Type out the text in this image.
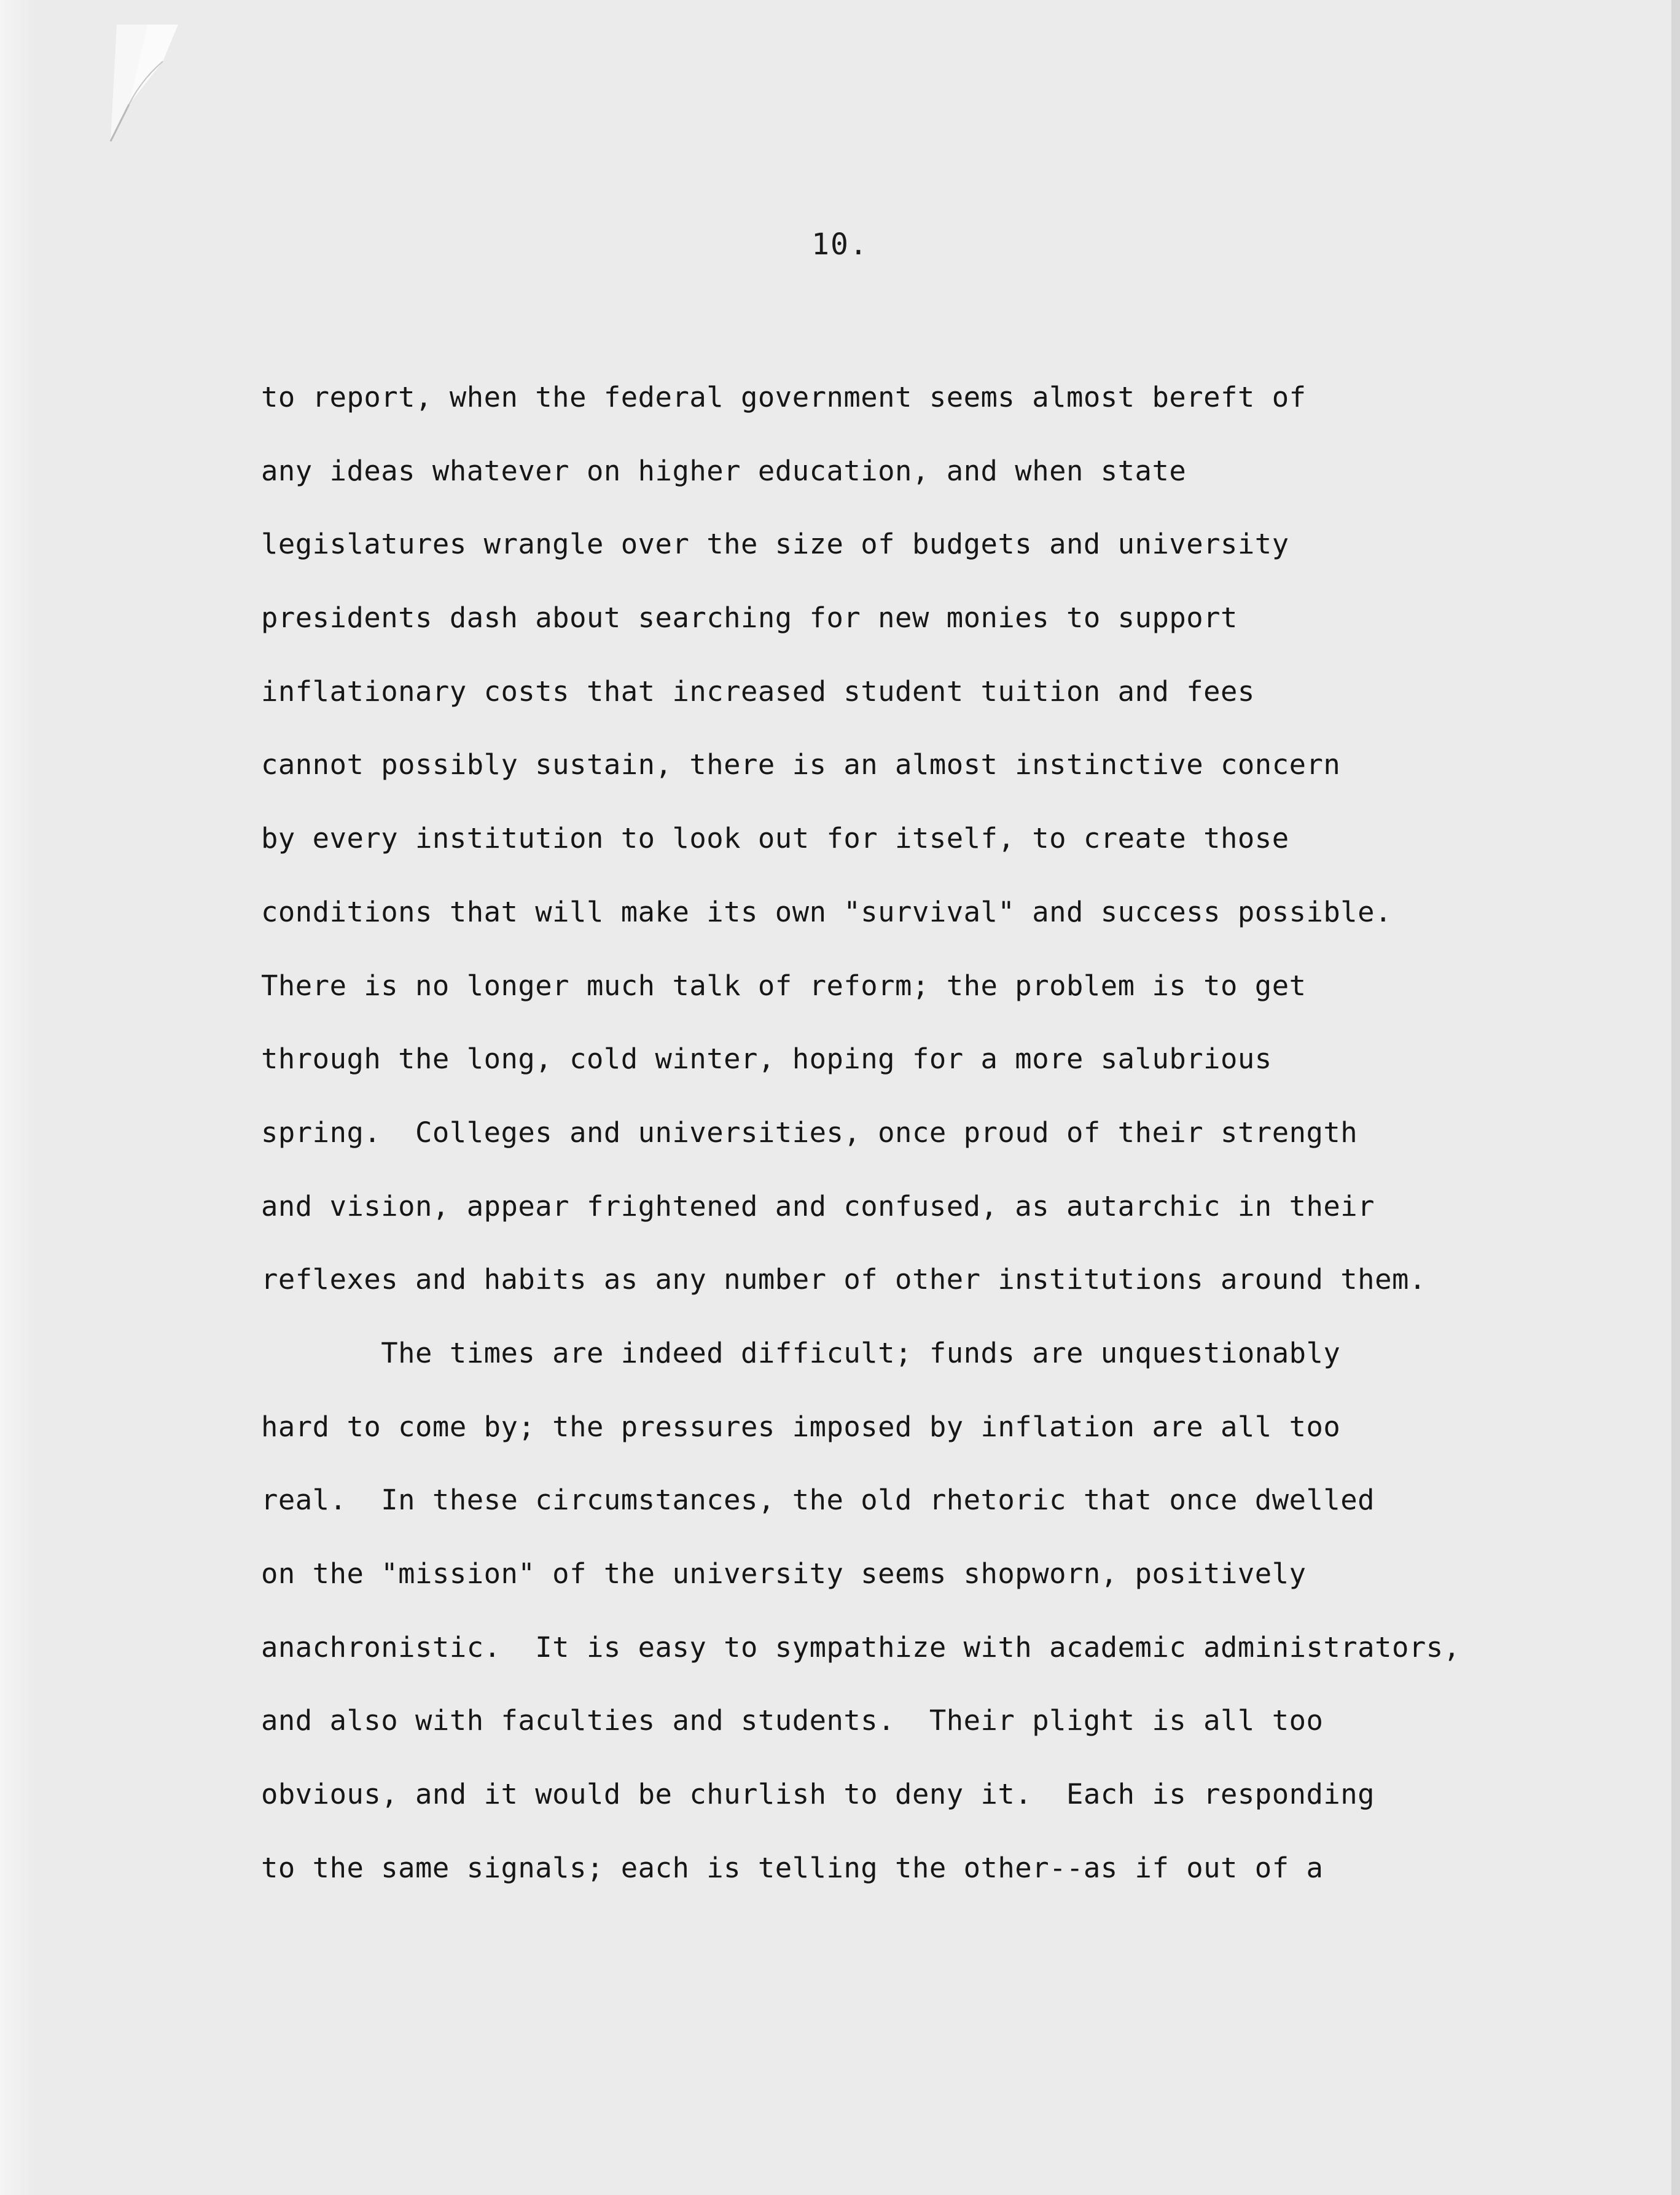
10.
to report, when the federal government seems almost bereft of
any ideas whatever on higher education, and when state
legislatures wrangle over the size of budgets and university
presidents dash about searching for new monies to support
inflationary costs that increased student tuition and fees
cannot possibly sustain, there is an almost instinctive concern
by every institution to look out for itself, to create those
conditions that will make its own "survival" and success possible.
There is no longer much talk of reform; the problem is to get
through the long, cold winter, hoping for a more salubrious
spring.  Colleges and universities, once proud of their strength
and vision, appear frightened and confused, as autarchic in their
reflexes and habits as any number of other institutions around them.
The times are indeed difficult; funds are unquestionably
hard to come by; the pressures imposed by inflation are all too
real.  In these circumstances, the old rhetoric that once dwelled
on the "mission" of the university seems shopworn, positively
anachronistic.  It is easy to sympathize with academic administrators,
and also with faculties and students.  Their plight is all too
obvious, and it would be churlish to deny it.  Each is responding
to the same signals; each is telling the other--as if out of a
